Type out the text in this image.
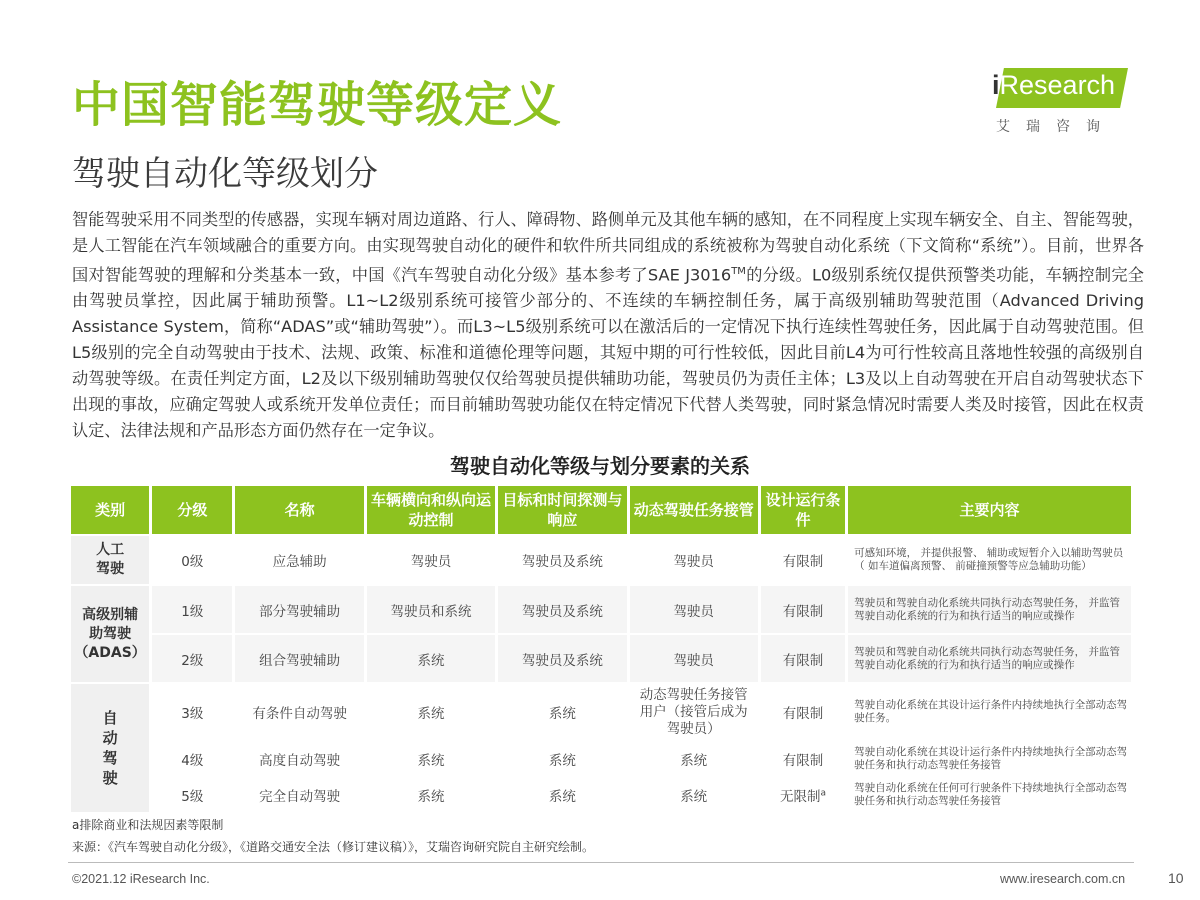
中国智能驾驶等级定义
驾驶自动化等级划分
iResearch
艾瑞咨询
智能驾驶采用不同类型的传感器，实现车辆对周边道路、行人、障碍物、路侧单元及其他车辆的感知，在不同程度上实现车辆安全、自主、智能驾驶，是人工智能在汽车领域融合的重要方向。由实现驾驶自动化的硬件和软件所共同组成的系统被称为驾驶自动化系统（下文简称“系统”）。目前，世界各国对智能驾驶的理解和分类基本一致，中国《汽车驾驶自动化分级》基本参考了SAE J3016™的分级。L0级别系统仅提供预警类功能，车辆控制完全由驾驶员掌控，因此属于辅助预警。L1~L2级别系统可接管少部分的、不连续的车辆控制任务，属于高级别辅助驾驶范围（Advanced Driving Assistance System，简称“ADAS”或“辅助驾驶”）。而L3~L5级别系统可以在激活后的一定情况下执行连续性驾驶任务，因此属于自动驾驶范围。但L5级别的完全自动驾驶由于技术、法规、政策、标准和道德伦理等问题，其短中期的可行性较低，因此目前L4为可行性较高且落地性较强的高级别自动驾驶等级。在责任判定方面，L2及以下级别辅助驾驶仅仅给驾驶员提供辅助功能，驾驶员仍为责任主体；L3及以上自动驾驶在开启自动驾驶状态下出现的事故，应确定驾驶人或系统开发单位责任；而目前辅助驾驶功能仅在特定情况下代替人类驾驶，同时紧急情况时需要人类及时接管，因此在权责认定、法律法规和产品形态方面仍然存在一定争议。
驾驶自动化等级与划分要素的关系
类别	分级	名称	车辆横向和纵向运动控制	目标和时间探测与响应	动态驾驶任务接管	设计运行条件	主要内容

人工驾驶	0级	应急辅助	驾驶员	驾驶员及系统	驾驶员	有限制	可感知环境， 并提供报警、 辅助或短暂介入以辅助驾驶员（ 如车道偏离预警、 前碰撞预警等应急辅助功能）

高级别辅助驾驶
（ADAS）	1级	部分驾驶辅助	驾驶员和系统	驾驶员及系统	驾驶员	有限制	驾驶员和驾驶自动化系统共同执行动态驾驶任务， 并监管驾驶自动化系统的行为和执行适当的响应或操作
	2级	组合驾驶辅助	系统	驾驶员及系统	驾驶员	有限制	驾驶员和驾驶自动化系统共同执行动态驾驶任务， 并监管驾驶自动化系统的行为和执行适当的响应或操作
自
动
驾
驶	3级	有条件自动驾驶	系统	系统	动态驾驶任务接管用户（接管后成为驾驶员）	有限制	驾驶自动化系统在其设计运行条件内持续地执行全部动态驾驶任务。
	4级	高度自动驾驶	系统	系统	系统	有限制	驾驶自动化系统在其设计运行条件内持续地执行全部动态驾驶任务和执行动态驾驶任务接管
	5级	完全自动驾驶	系统	系统	系统	无限制$^a$	驾驶自动化系统在任何可行驶条件下持续地执行全部动态驾驶任务和执行动态驾驶任务接管
a排除商业和法规因素等限制
来源：《汽车驾驶自动化分级》，《道路交通安全法（修订建议稿）》，艾瑞咨询研究院自主研究绘制。
©2021.12 iResearch Inc.	www.iresearch.com.cn	10
